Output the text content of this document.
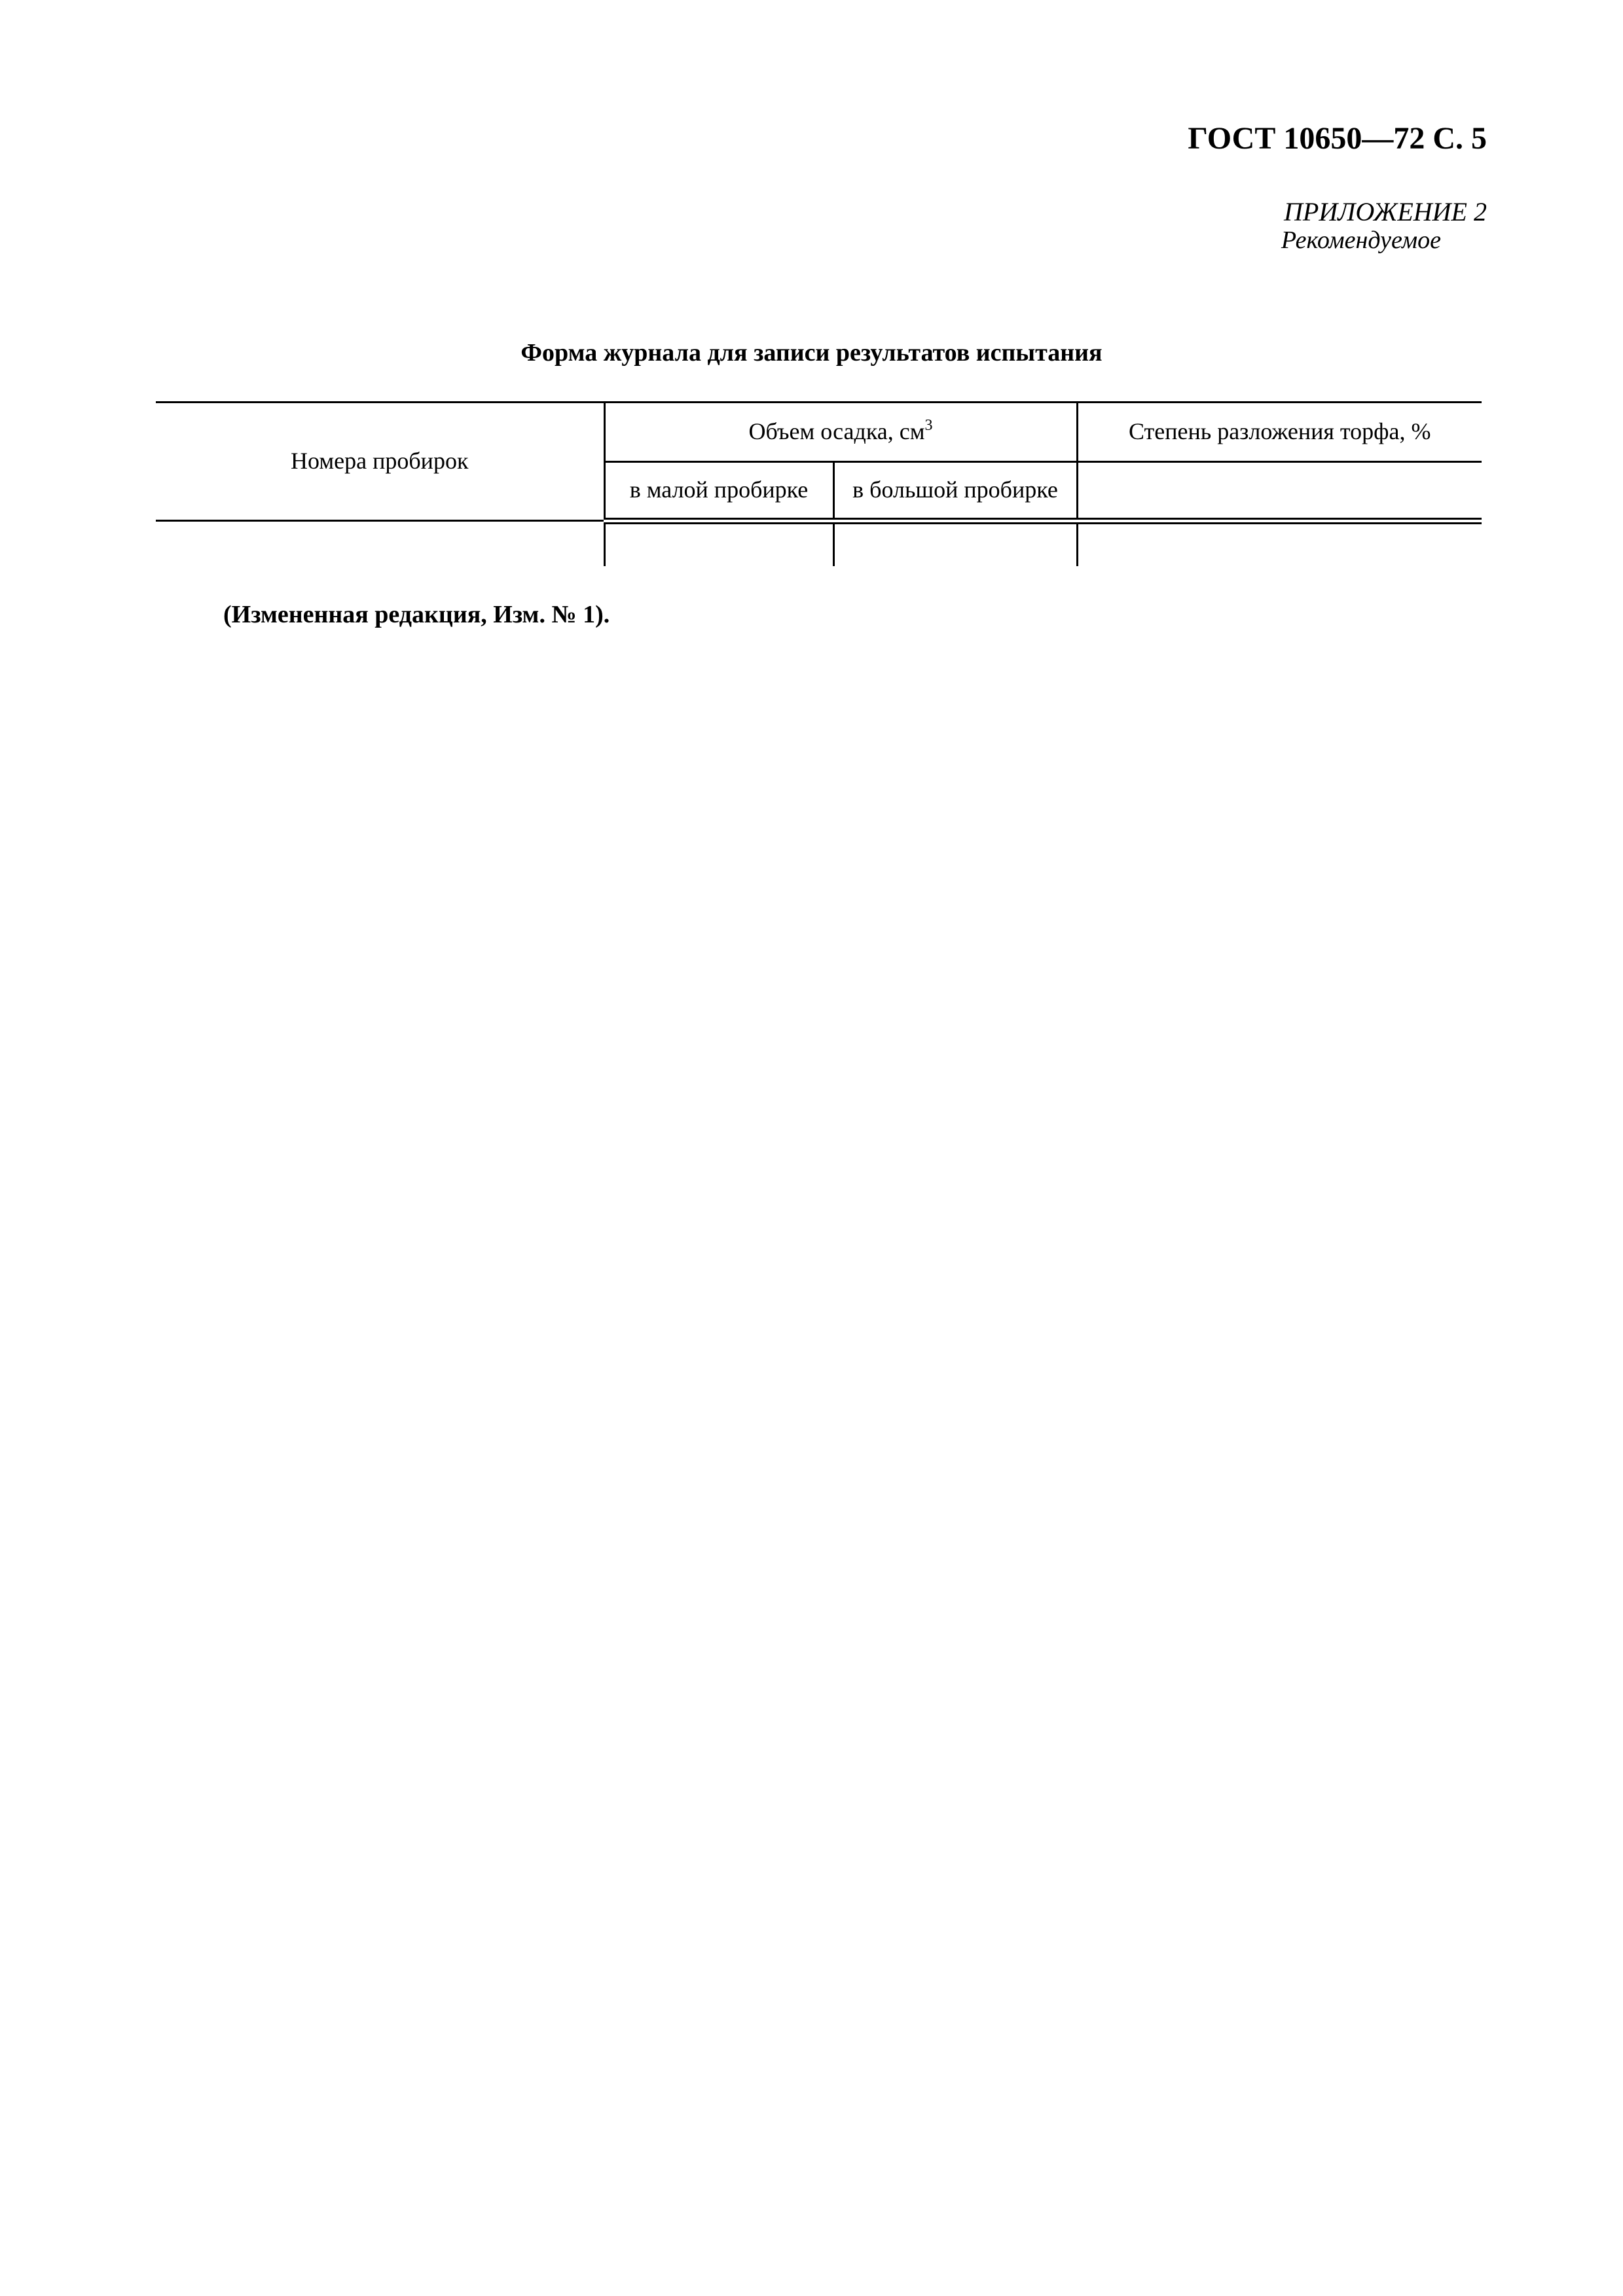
ГОСТ 10650—72 С. 5
ПРИЛОЖЕНИЕ 2
Рекомендуемое
Форма журнала для записи результатов испытания
Номера пробирок	Объем осадка, $см^3$		Степень разложения торфа, %
	в малой пробирке	в большой пробирке	

(Измененная редакция, Изм. № 1).
